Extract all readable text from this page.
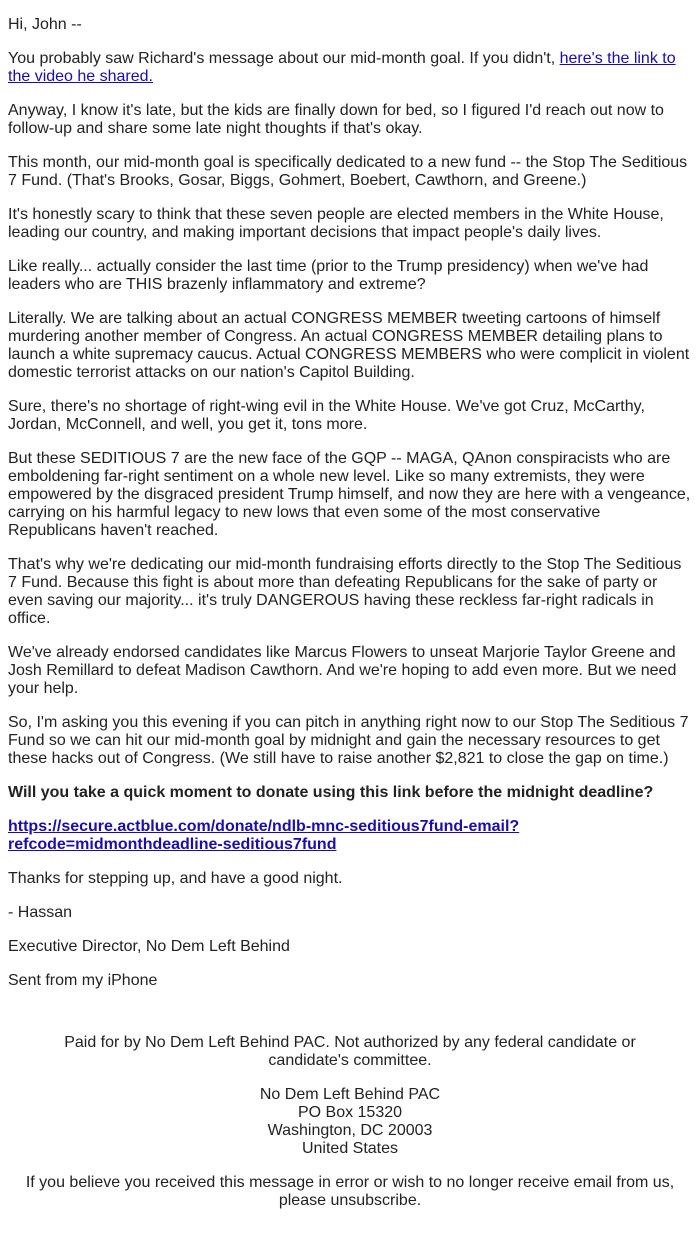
Hi, John --

You probably saw Richard's message about our mid-month goal. If you didn't, here's the link to the video he shared.

Anyway, I know it's late, but the kids are finally down for bed, so I figured I'd reach out now to follow-up and share some late night thoughts if that's okay.

This month, our mid-month goal is specifically dedicated to a new fund -- the Stop The Seditious 7 Fund. (That's Brooks, Gosar, Biggs, Gohmert, Boebert, Cawthorn, and Greene.)

It's honestly scary to think that these seven people are elected members in the White House, leading our country, and making important decisions that impact people's daily lives.

Like really... actually consider the last time (prior to the Trump presidency) when we've had leaders who are THIS brazenly inflammatory and extreme?

Literally. We are talking about an actual CONGRESS MEMBER tweeting cartoons of himself murdering another member of Congress. An actual CONGRESS MEMBER detailing plans to launch a white supremacy caucus. Actual CONGRESS MEMBERS who were complicit in violent domestic terrorist attacks on our nation's Capitol Building.

Sure, there's no shortage of right-wing evil in the White House. We've got Cruz, McCarthy, Jordan, McConnell, and well, you get it, tons more.

But these SEDITIOUS 7 are the new face of the GQP -- MAGA, QAnon conspiracists who are emboldening far-right sentiment on a whole new level. Like so many extremists, they were empowered by the disgraced president Trump himself, and now they are here with a vengeance, carrying on his harmful legacy to new lows that even some of the most conservative Republicans haven't reached.

That's why we're dedicating our mid-month fundraising efforts directly to the Stop The Seditious 7 Fund. Because this fight is about more than defeating Republicans for the sake of party or even saving our majority... it's truly DANGEROUS having these reckless far-right radicals in office.

We've already endorsed candidates like Marcus Flowers to unseat Marjorie Taylor Greene and Josh Remillard to defeat Madison Cawthorn. And we're hoping to add even more. But we need your help.

So, I'm asking you this evening if you can pitch in anything right now to our Stop The Seditious 7 Fund so we can hit our mid-month goal by midnight and gain the necessary resources to get these hacks out of Congress. (We still have to raise another $2,821 to close the gap on time.)

Will you take a quick moment to donate using this link before the midnight deadline?

https://secure.actblue.com/donate/ndlb-mnc-seditious7fund-email?refcode=midmonthdeadline-seditious7fund

Thanks for stepping up, and have a good night.

- Hassan

Executive Director, No Dem Left Behind

Sent from my iPhone

Paid for by No Dem Left Behind PAC. Not authorized by any federal candidate or candidate's committee.

No Dem Left Behind PAC
PO Box 15320
Washington, DC 20003
United States

If you believe you received this message in error or wish to no longer receive email from us, please unsubscribe.
